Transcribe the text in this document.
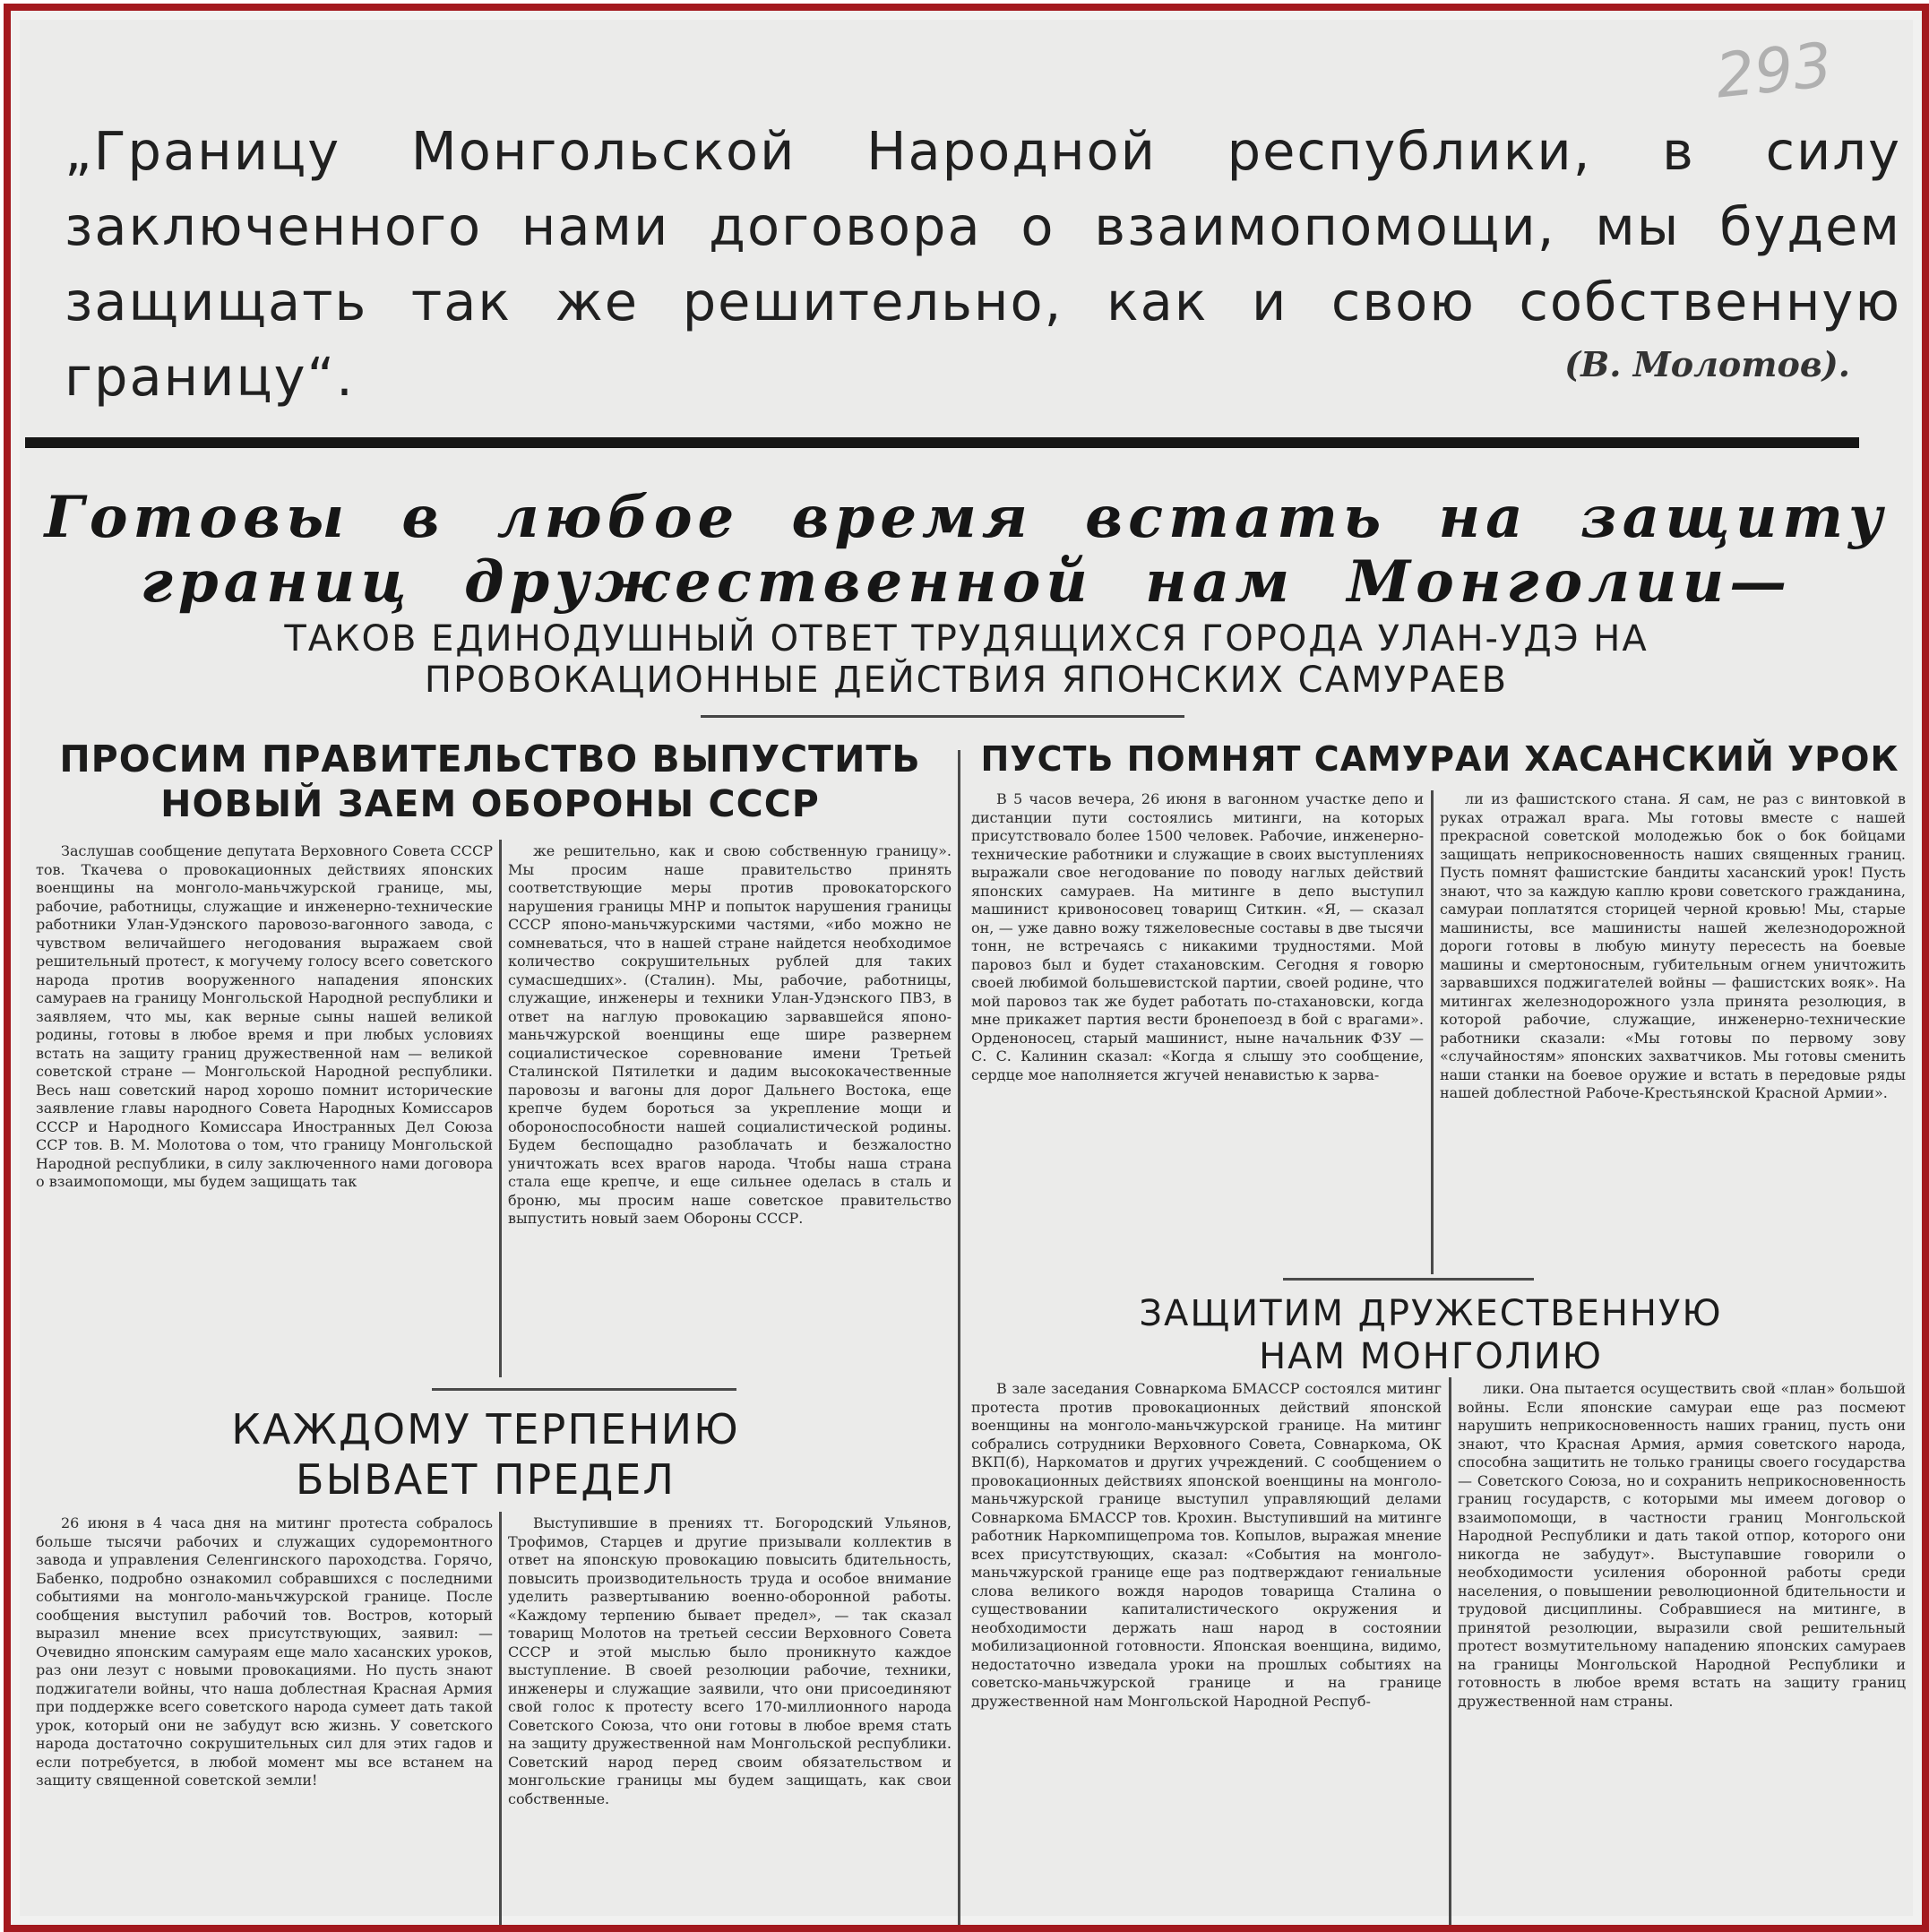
293
„Границу Монгольской Народной республики, в силу заключенного нами договора о взаимопомощи, мы будем защищать так же решительно, как и свою собственную границу“.	(В. Молотов).
Готовы в любое время встать на защиту
границ дружественной нам Монголии—
ТАКОВ ЕДИНОДУШНЫЙ ОТВЕТ ТРУДЯЩИХСЯ ГОРОДА УЛАН-УДЭ НА
ПРОВОКАЦИОННЫЕ ДЕЙСТВИЯ ЯПОНСКИХ САМУРАЕВ
ПРОСИМ ПРАВИТЕЛЬСТВО ВЫПУСТИТЬ
НОВЫЙ ЗАЕМ ОБОРОНЫ СССР
Заслушав сообщение депутата Верховного Совета СССР тов. Ткачева о провокационных действиях японских военщины на монголо-маньчжурской границе, мы, рабочие, работницы, служащие и инженерно-технические работники Улан-Удэнского паровозо-вагонного завода, с чувством величайшего негодования выражаем свой решительный протест, к могучему голосу всего советского народа против вооруженного нападения японских самураев на границу Монгольской Народной республики и заявляем, что мы, как верные сыны нашей великой родины, готовы в любое время и при любых условиях встать на защиту границ дружественной нам — великой советской стране — Монгольской Народной республики. Весь наш советский народ хорошо помнит исторические заявление главы народного Совета Народных Комиссаров СССР и Народного Комиссара Иностранных Дел Союза ССР тов. В. М. Молотова о том, что границу Монгольской Народной республики, в силу заключенного нами договора о взаимопомощи, мы будем защищать так
же решительно, как и свою собственную границу». Мы просим наше правительство принять соответствующие меры против провокаторского нарушения границы МНР и попыток нарушения границы СССР японо-маньчжурскими частями, «ибо можно не сомневаться, что в нашей стране найдется необходимое количество сокрушительных рублей для таких сумасшедших». (Сталин). Мы, рабочие, работницы, служащие, инженеры и техники Улан-Удэнского ПВЗ, в ответ на наглую провокацию зарвавшейся японо-маньчжурской военщины еще шире развернем социалистическое соревнование имени Третьей Сталинской Пятилетки и дадим высококачественные паровозы и вагоны для дорог Дальнего Востока, еще крепче будем бороться за укрепление мощи и обороноспособности нашей социалистической родины. Будем беспощадно разоблачать и безжалостно уничтожать всех врагов народа. Чтобы наша страна стала еще крепче, и еще сильнее оделась в сталь и броню, мы просим наше советское правительство выпустить новый заем Обороны СССР.
ПУСТЬ ПОМНЯТ САМУРАИ ХАСАНСКИЙ УРОК
В 5 часов вечера, 26 июня в вагонном участке депо и дистанции пути состоялись митинги, на которых присутствовало более 1500 человек. Рабочие, инженерно-технические работники и служащие в своих выступлениях выражали свое негодование по поводу наглых действий японских самураев. На митинге в депо выступил машинист кривоносовец товарищ Ситкин. «Я, — сказал он, — уже давно вожу тяжеловесные составы в две тысячи тонн, не встречаясь с никакими трудностями. Мой паровоз был и будет стахановским. Сегодня я говорю своей любимой большевистской партии, своей родине, что мой паровоз так же будет работать по-стахановски, когда мне прикажет партия вести бронепоезд в бой с врагами». Орденоносец, старый машинист, ныне начальник ФЗУ — С. С. Калинин сказал: «Когда я слышу это сообщение, сердце мое наполняется жгучей ненавистью к зарва-
ли из фашистского стана. Я сам, не раз с винтовкой в руках отражал врага. Мы готовы вместе с нашей прекрасной советской молодежью бок о бок бойцами защищать неприкосновенность наших священных границ. Пусть помнят фашистские бандиты хасанский урок! Пусть знают, что за каждую каплю крови советского гражданина, самураи поплатятся сторицей черной кровью! Мы, старые машинисты, все машинисты нашей железнодорожной дороги готовы в любую минуту пересесть на боевые машины и смертоносным, губительным огнем уничтожить зарвавшихся поджигателей войны — фашистских вояк». На митингах железнодорожного узла принята резолюция, в которой рабочие, служащие, инженерно-технические работники сказали: «Мы готовы по первому зову «случайностям» японских захватчиков. Мы готовы сменить наши станки на боевое оружие и встать в передовые ряды нашей доблестной Рабоче-Крестьянской Красной Армии».
ЗАЩИТИМ ДРУЖЕСТВЕННУЮ
НАМ МОНГОЛИЮ
В зале заседания Совнаркома БМАССР состоялся митинг протеста против провокационных действий японской военщины на монголо-маньчжурской границе. На митинг собрались сотрудники Верховного Совета, Совнаркома, ОК ВКП(б), Наркоматов и других учреждений. С сообщением о провокационных действиях японской военщины на монголо-маньчжурской границе выступил управляющий делами Совнаркома БМАССР тов. Крохин. Выступивший на митинге работник Наркомпищепрома тов. Копылов, выражая мнение всех присутствующих, сказал: «События на монголо-маньчжурской границе еще раз подтверждают гениальные слова великого вождя народов товарища Сталина о существовании капиталистического окружения и необходимости держать наш народ в состоянии мобилизационной готовности. Японская военщина, видимо, недостаточно изведала уроки на прошлых событиях на советско-маньчжурской границе и на границе дружественной нам Монгольской Народной Респуб-
лики. Она пытается осуществить свой «план» большой войны. Если японские самураи еще раз посмеют нарушить неприкосновенность наших границ, пусть они знают, что Красная Армия, армия советского народа, способна защитить не только границы своего государства — Советского Союза, но и сохранить неприкосновенность границ государств, с которыми мы имеем договор о взаимопомощи, в частности границ Монгольской Народной Республики и дать такой отпор, которого они никогда не забудут». Выступавшие говорили о необходимости усиления оборонной работы среди населения, о повышении революционной бдительности и трудовой дисциплины. Собравшиеся на митинге, в принятой резолюции, выразили свой решительный протест возмутительному нападению японских самураев на границы Монгольской Народной Республики и готовность в любое время встать на защиту границ дружественной нам страны.
КАЖДОМУ ТЕРПЕНИЮ
БЫВАЕТ ПРЕДЕЛ
26 июня в 4 часа дня на митинг протеста собралось больше тысячи рабочих и служащих судоремонтного завода и управления Селенгинского пароходства. Горячо, Бабенко, подробно ознакомил собравшихся с последними событиями на монголо-маньчжурской границе. После сообщения выступил рабочий тов. Востров, который выразил мнение всех присутствующих, заявил: — Очевидно японским самураям еще мало хасанских уроков, раз они лезут с новыми провокациями. Но пусть знают поджигатели войны, что наша доблестная Красная Армия при поддержке всего советского народа сумеет дать такой урок, который они не забудут всю жизнь. У советского народа достаточно сокрушительных сил для этих гадов и если потребуется, в любой момент мы все встанем на защиту священной советской земли!
Выступившие в прениях тт. Богородский Ульянов, Трофимов, Старцев и другие призывали коллектив в ответ на японскую провокацию повысить бдительность, повысить производительность труда и особое внимание уделить развертыванию военно-оборонной работы. «Каждому терпению бывает предел», — так сказал товарищ Молотов на третьей сессии Верховного Совета СССР и этой мыслью было проникнуто каждое выступление. В своей резолюции рабочие, техники, инженеры и служащие заявили, что они присоединяют свой голос к протесту всего 170-миллионного народа Советского Союза, что они готовы в любое время стать на защиту дружественной нам Монгольской республики. Советский народ перед своим обязательством и монгольские границы мы будем защищать, как свои собственные.
